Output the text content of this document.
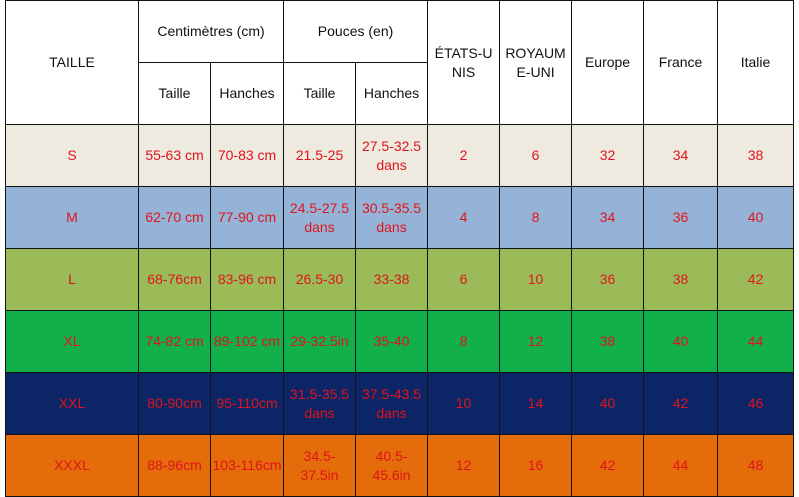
TAILLE	Centimètres (cm)		Pouces (en)		ÉTATS-UNIS	ROYAUME-UNI	Europe	France	Italie
	Taille	Hanches	Taille	Hanches					
S	55-63 cm	70-83 cm	21.5-25	27.5-32.5 dans	2	6	32	34	38
M	62-70 cm	77-90 cm	24.5-27.5 dans	30.5-35.5 dans	4	8	34	36	40
L	68-76cm	83-96 cm	26.5-30	33-38	6	10	36	38	42
XL	74-82 cm	89-102 cm	29-32.5in	35-40	8	12	38	40	44
XXL	80-90cm	95-110cm	31.5-35.5 dans	37.5-43.5 dans	10	14	40	42	46
XXXL	88-96cm	103-116cm	34.5-37.5in	40.5-45.6in	12	16	42	44	48
